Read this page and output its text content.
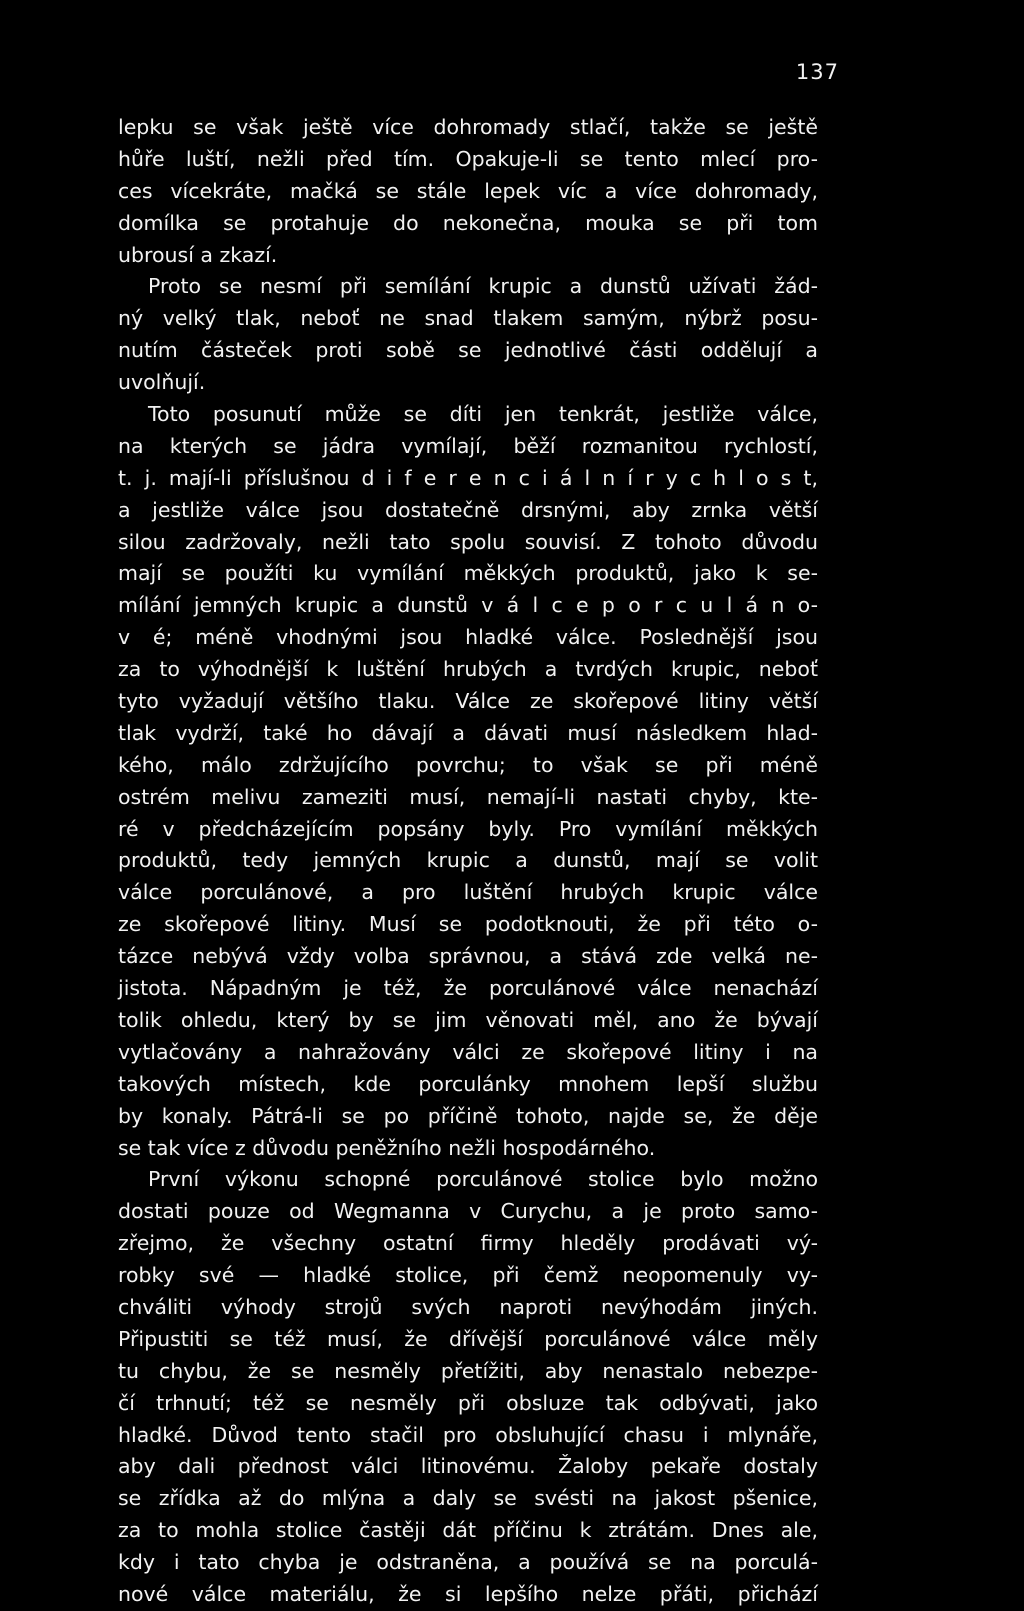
137
lepku se však ještě více dohromady stlačí, takže se ještě
hůře luští, nežli před tím. Opakuje-li se tento mlecí pro-
ces vícekráte, mačká se stále lepek víc a více dohromady,
domílka se protahuje do nekonečna, mouka se při tom
ubrousí a zkazí.
Proto se nesmí při semílání krupic a dunstů užívati žád-
ný velký tlak, neboť ne snad tlakem samým, nýbrž posu-
nutím částeček proti sobě se jednotlivé části oddělují a
uvolňují.
Toto posunutí může se díti jen tenkrát, jestliže válce,
na kterých se jádra vymílají, běží rozmanitou rychlostí,
t. j. mají-li příslušnou d i f e r e n c i á l n í r y c h l o s t,
a jestliže válce jsou dostatečně drsnými, aby zrnka větší
silou zadržovaly, nežli tato spolu souvisí. Z tohoto důvodu
mají se použíti ku vymílání měkkých produktů, jako k se-
mílání jemných krupic a dunstů v á l c e p o r c u l á n o-
v é; méně vhodnými jsou hladké válce. Poslednější jsou
za to výhodnější k luštění hrubých a tvrdých krupic, neboť
tyto vyžadují většího tlaku. Válce ze skořepové litiny větší
tlak vydrží, také ho dávají a dávati musí následkem hlad-
kého, málo zdržujícího povrchu; to však se při méně
ostrém melivu zameziti musí, nemají-li nastati chyby, kte-
ré v předcházejícím popsány byly. Pro vymílání měkkých
produktů, tedy jemných krupic a dunstů, mají se volit
válce porculánové, a pro luštění hrubých krupic válce
ze skořepové litiny. Musí se podotknouti, že při této o-
tázce nebývá vždy volba správnou, a stává zde velká ne-
jistota. Nápadným je též, že porculánové válce nenachází
tolik ohledu, který by se jim věnovati měl, ano že bývají
vytlačovány a nahražovány válci ze skořepové litiny i na
takových místech, kde porculánky mnohem lepší službu
by konaly. Pátrá-li se po příčině tohoto, najde se, že děje
se tak více z důvodu peněžního nežli hospodárného.
První výkonu schopné porculánové stolice bylo možno
dostati pouze od Wegmanna v Curychu, a je proto samo-
zřejmo, že všechny ostatní firmy hleděly prodávati vý-
robky své — hladké stolice, při čemž neopomenuly vy-
chváliti výhody strojů svých naproti nevýhodám jiných.
Připustiti se též musí, že dřívější porculánové válce měly
tu chybu, že se nesměly přetížiti, aby nenastalo nebezpe-
čí trhnutí; též se nesměly při obsluze tak odbývati, jako
hladké. Důvod tento stačil pro obsluhující chasu i mlynáře,
aby dali přednost válci litinovému. Žaloby pekaře dostaly
se zřídka až do mlýna a daly se svésti na jakost pšenice,
za to mohla stolice častěji dát příčinu k ztrátám. Dnes ale,
kdy i tato chyba je odstraněna, a používá se na porculá-
nové válce materiálu, že si lepšího nelze přáti, přichází
